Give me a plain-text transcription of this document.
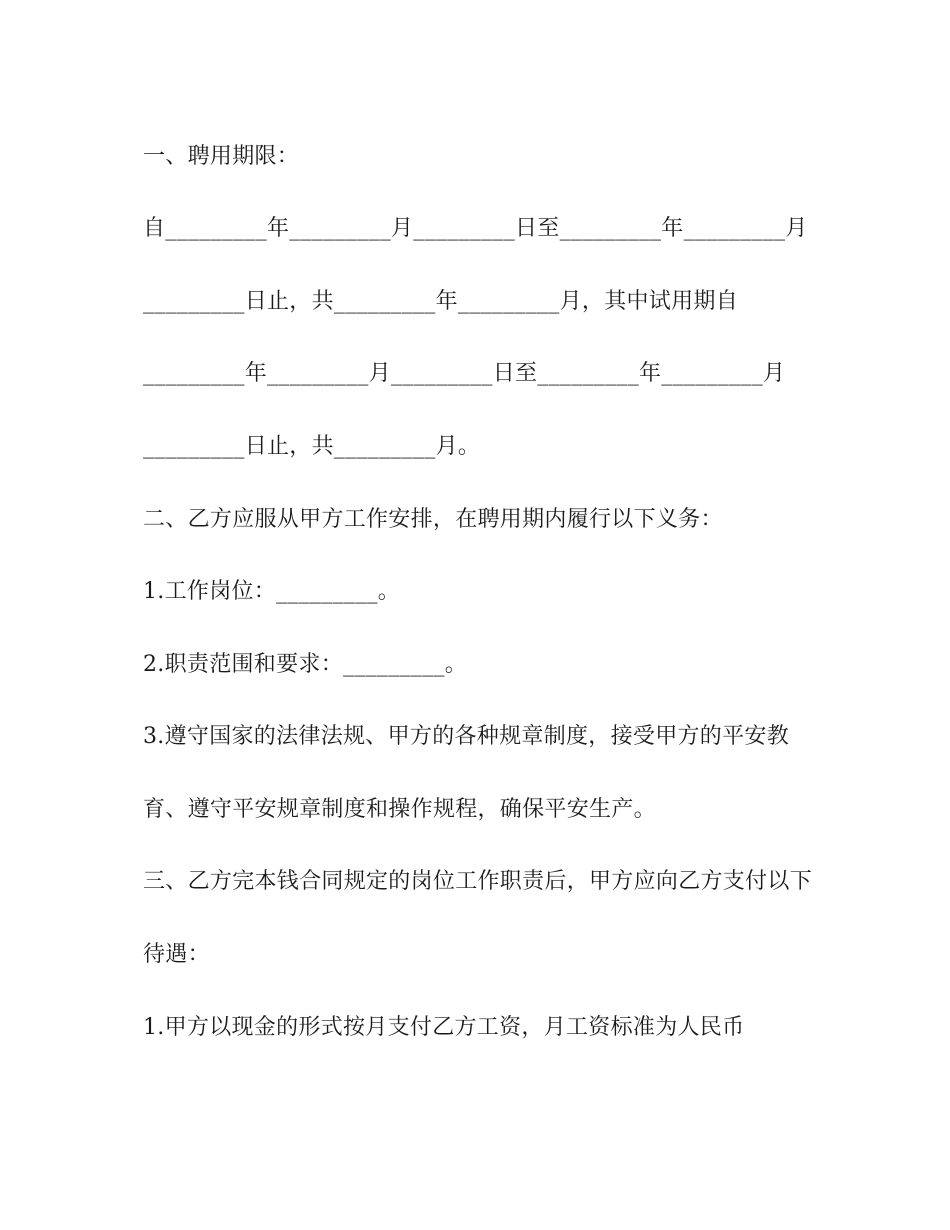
一、聘用期限：
自_________年_________月_________日至_________年_________月
_________日止，共_________年_________月，其中试用期自
_________年_________月_________日至_________年_________月
_________日止，共_________月。
二、乙方应服从甲方工作安排，在聘用期内履行以下义务：
1.工作岗位：_________。
2.职责范围和要求：_________。
3.遵守国家的法律法规、甲方的各种规章制度，接受甲方的平安教
育、遵守平安规章制度和操作规程，确保平安生产。
三、乙方完本钱合同规定的岗位工作职责后，甲方应向乙方支付以下
待遇：
1.甲方以现金的形式按月支付乙方工资，月工资标准为人民币
